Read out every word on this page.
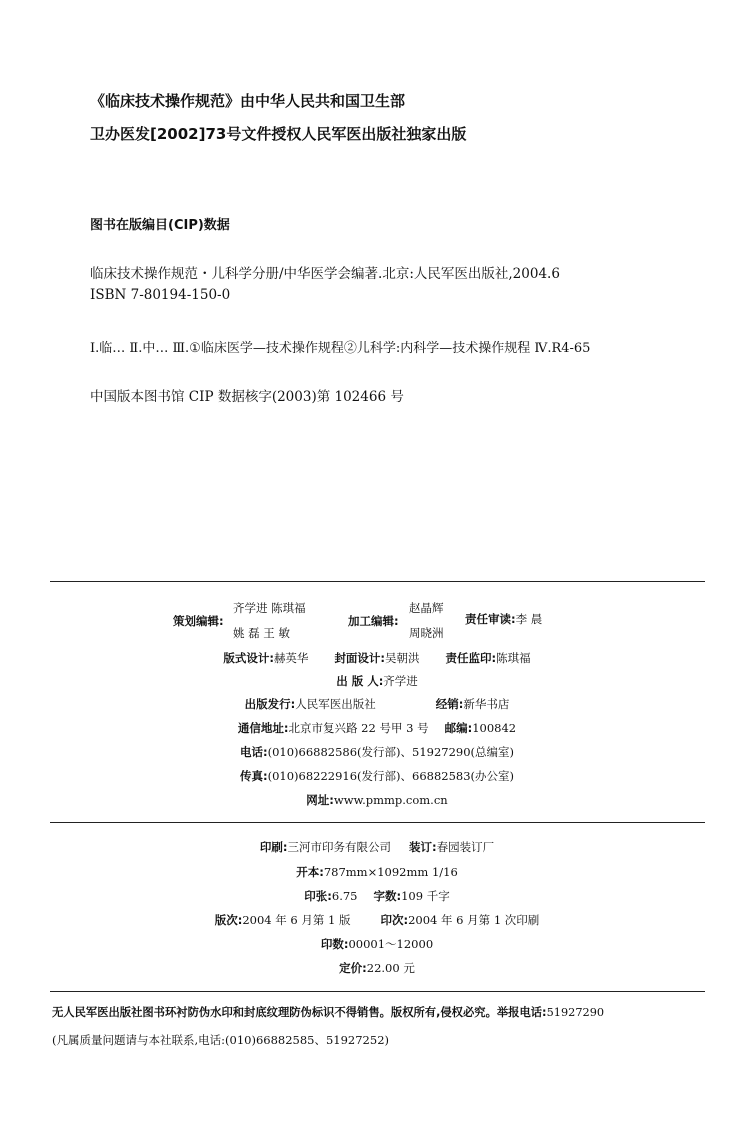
《临床技术操作规范》由中华人民共和国卫生部
卫办医发[2002]73号文件授权人民军医出版社独家出版
图书在版编目(CIP)数据
临床技术操作规范・儿科学分册/中华医学会编著.北京:人民军医出版社,2004.6
ISBN 7-80194-150-0
Ⅰ.临… Ⅱ.中… Ⅲ.①临床医学—技术操作规程②儿科学:内科学—技术操作规程 Ⅳ.R4-65
中国版本图书馆 CIP 数据核字(2003)第 102466 号
策划编辑:
齐学进 陈琪福
姚 磊 王 敏
加工编辑:
赵晶辉
周晓洲
责任审读:李 晨
版式设计:赫英华 封面设计:吴朝洪 责任监印:陈琪福
出 版 人:齐学进
出版发行:人民军医出版社	经销:新华书店
通信地址:北京市复兴路 22 号甲 3 号 邮编:100842
电话:(010)66882586(发行部)、51927290(总编室)
传真:(010)68222916(发行部)、66882583(办公室)
网址:www.pmmp.com.cn
印刷:三河市印务有限公司 装订:春园装订厂
开本:787mm×1092mm 1/16
印张:6.75 字数:109 千字
版次:2004 年 6 月第 1 版	印次:2004 年 6 月第 1 次印刷
印数:00001～12000
定价:22.00 元
无人民军医出版社图书环衬防伪水印和封底纹理防伪标识不得销售。版权所有,侵权必究。举报电话:51927290
(凡属质量问题请与本社联系,电话:(010)66882585、51927252)
